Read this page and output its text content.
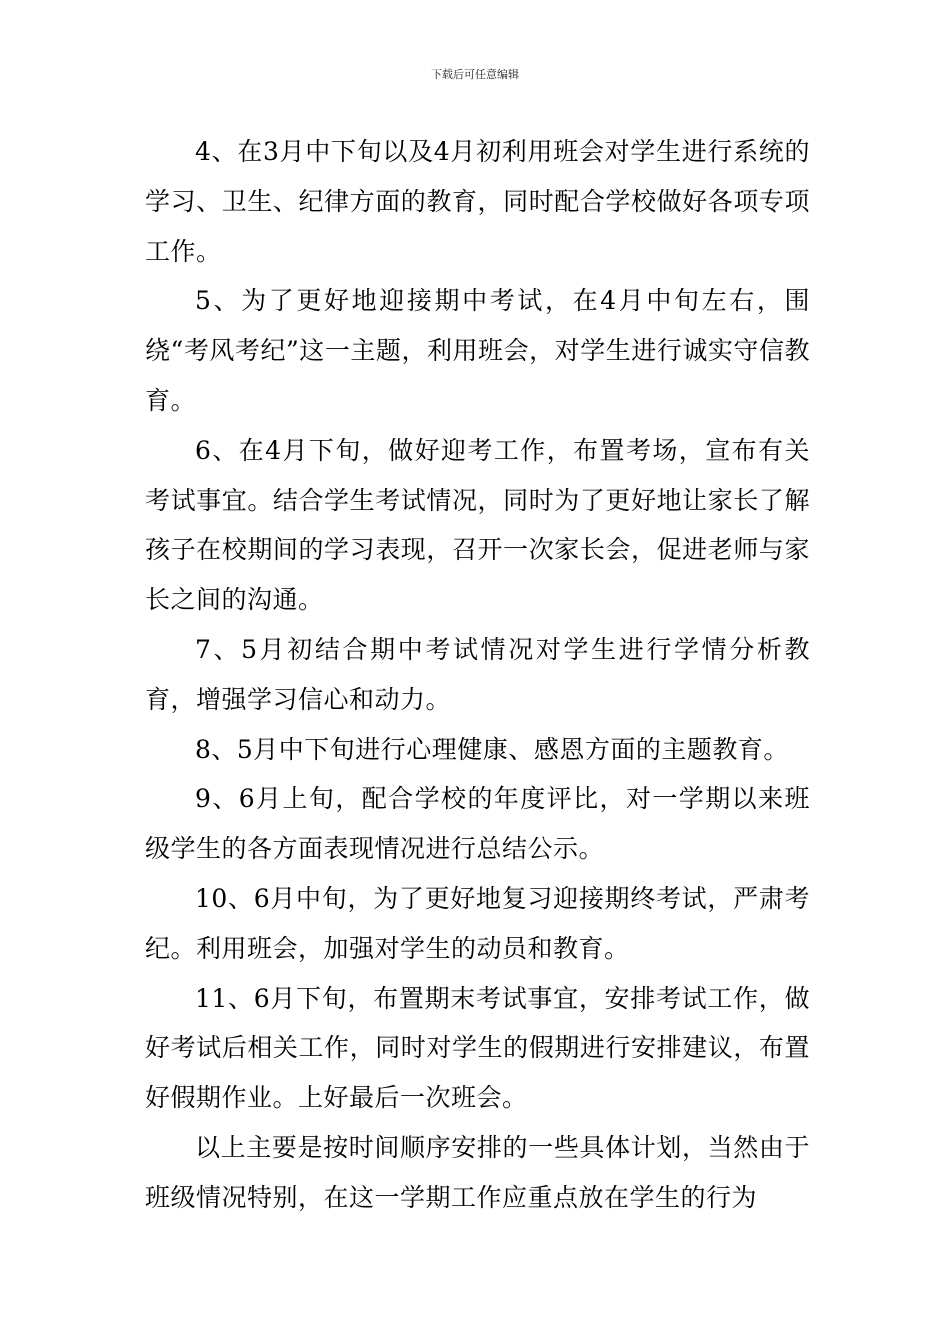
下载后可任意编辑

4、在3月中下旬以及4月初利用班会对学生进行系统的学习、卫生、纪律方面的教育，同时配合学校做好各项专项工作。

5、为了更好地迎接期中考试，在4月中旬左右，围绕“考风考纪”这一主题，利用班会，对学生进行诚实守信教育。

6、在4月下旬，做好迎考工作，布置考场，宣布有关考试事宜。结合学生考试情况，同时为了更好地让家长了解孩子在校期间的学习表现，召开一次家长会，促进老师与家长之间的沟通。

7、5月初结合期中考试情况对学生进行学情分析教育，增强学习信心和动力。

8、5月中下旬进行心理健康、感恩方面的主题教育。

9、6月上旬，配合学校的年度评比，对一学期以来班级学生的各方面表现情况进行总结公示。

10、6月中旬，为了更好地复习迎接期终考试，严肃考纪。利用班会，加强对学生的动员和教育。

11、6月下旬，布置期末考试事宜，安排考试工作，做好考试后相关工作，同时对学生的假期进行安排建议，布置好假期作业。上好最后一次班会。

以上主要是按时间顺序安排的一些具体计划，当然由于班级情况特别，在这一学期工作应重点放在学生的行为
